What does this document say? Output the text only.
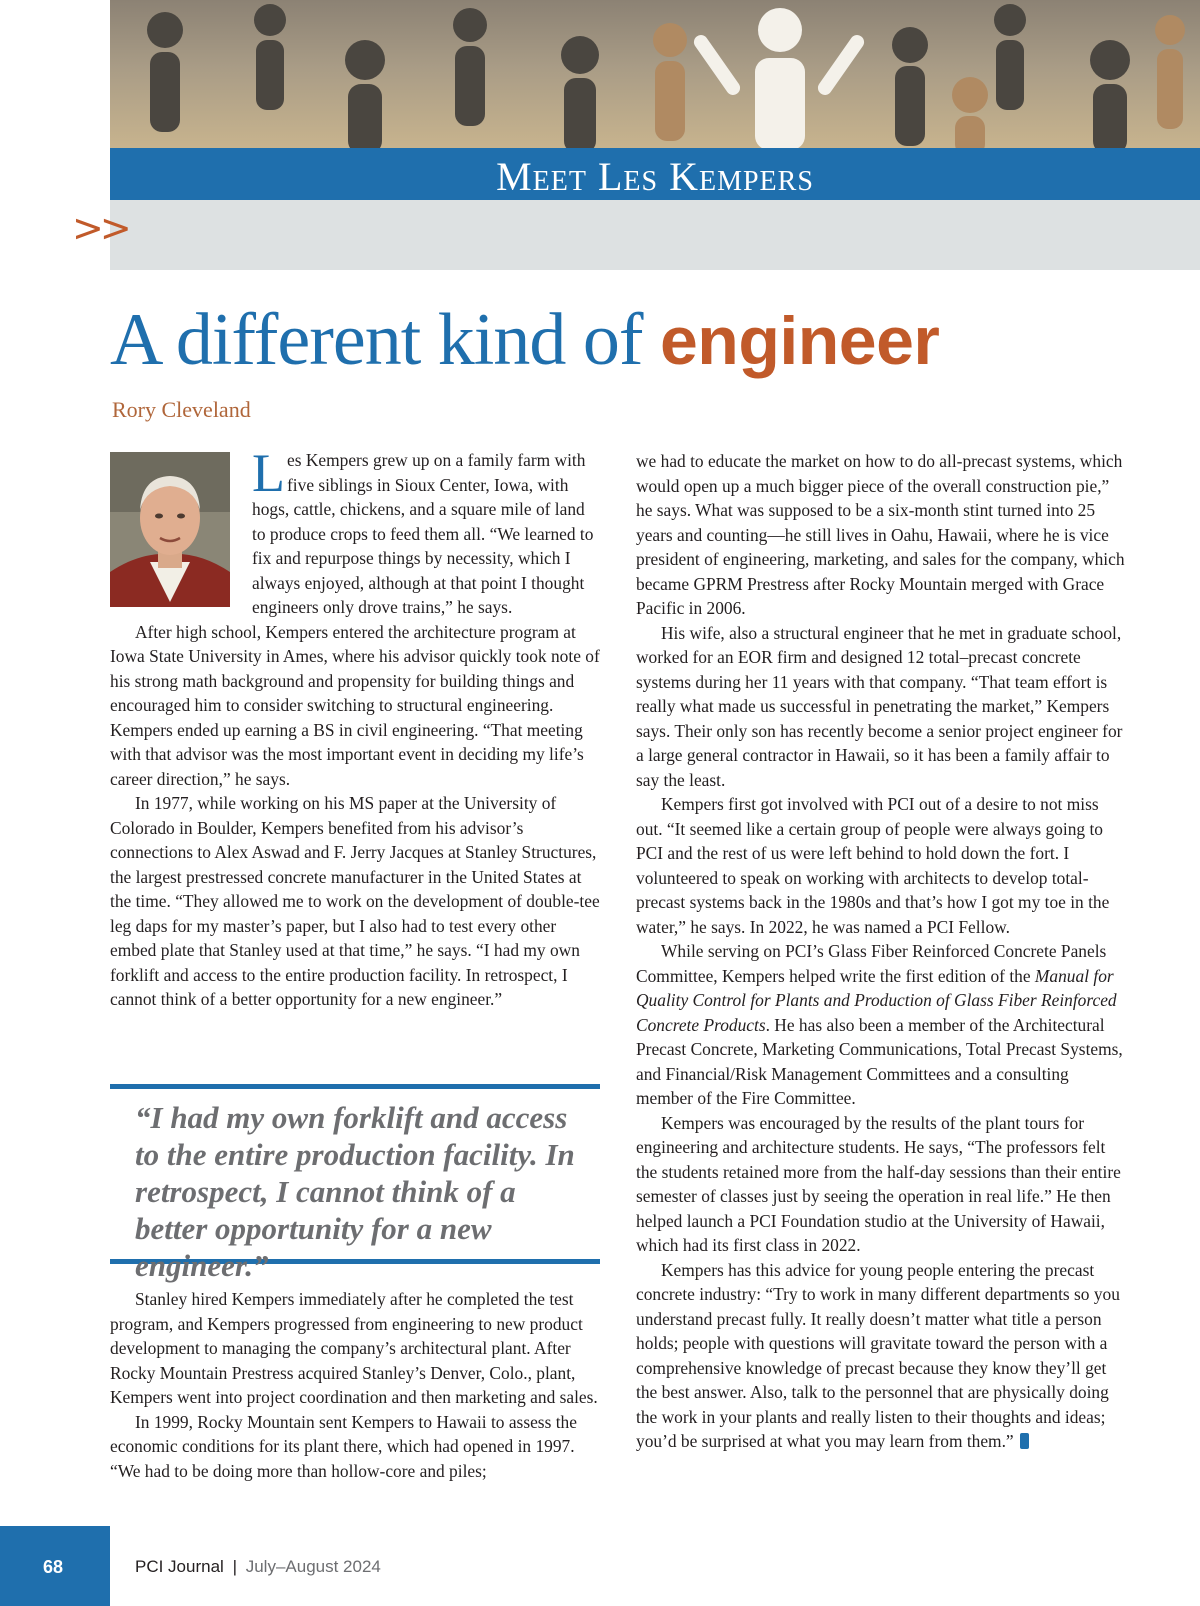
Meet Les Kempers
>>
A different kind of engineer
Rory Cleveland

Les Kempers grew up on a family farm with five siblings in Sioux Center, Iowa, with hogs, cattle, chickens, and a square mile of land to produce crops to feed them all. “We learned to fix and repurpose things by necessity, which I always enjoyed, although at that point I thought engineers only drove trains,” he says.

After high school, Kempers entered the architecture program at Iowa State University in Ames, where his advisor quickly took note of his strong math background and propensity for building things and encouraged him to consider switching to structural engineering. Kempers ended up earning a BS in civil engineering. “That meeting with that advisor was the most important event in deciding my life’s career direction,” he says.

In 1977, while working on his MS paper at the University of Colorado in Boulder, Kempers benefited from his advisor’s connections to Alex Aswad and F. Jerry Jacques at Stanley Structures, the largest prestressed concrete manufacturer in the United States at the time. “They allowed me to work on the development of double-tee leg daps for my master’s paper, but I also had to test every other embed plate that Stanley used at that time,” he says. “I had my own forklift and access to the entire production facility. In retrospect, I cannot think of a better opportunity for a new engineer.”

“I had my own forklift and access to the entire production facility. In retrospect, I cannot think of a better opportunity for a new engineer.”

Stanley hired Kempers immediately after he completed the test program, and Kempers progressed from engineering to new product development to managing the company’s architectural plant. After Rocky Mountain Prestress acquired Stanley’s Denver, Colo., plant, Kempers went into project coordination and then marketing and sales.

In 1999, Rocky Mountain sent Kempers to Hawaii to assess the economic conditions for its plant there, which had opened in 1997. “We had to be doing more than hollow-core and piles;

we had to educate the market on how to do all-precast systems, which would open up a much bigger piece of the overall construction pie,” he says. What was supposed to be a six-month stint turned into 25 years and counting—he still lives in Oahu, Hawaii, where he is vice president of engineering, marketing, and sales for the company, which became GPRM Prestress after Rocky Mountain merged with Grace Pacific in 2006.

His wife, also a structural engineer that he met in graduate school, worked for an EOR firm and designed 12 total–precast concrete systems during her 11 years with that company. “That team effort is really what made us successful in penetrating the market,” Kempers says. Their only son has recently become a senior project engineer for a large general contractor in Hawaii, so it has been a family affair to say the least.

Kempers first got involved with PCI out of a desire to not miss out. “It seemed like a certain group of people were always going to PCI and the rest of us were left behind to hold down the fort. I volunteered to speak on working with architects to develop total-precast systems back in the 1980s and that’s how I got my toe in the water,” he says. In 2022, he was named a PCI Fellow.

While serving on PCI’s Glass Fiber Reinforced Concrete Panels Committee, Kempers helped write the first edition of the Manual for Quality Control for Plants and Production of Glass Fiber Reinforced Concrete Products. He has also been a member of the Architectural Precast Concrete, Marketing Communications, Total Precast Systems, and Financial/Risk Management Committees and a consulting member of the Fire Committee.

Kempers was encouraged by the results of the plant tours for engineering and architecture students. He says, “The professors felt the students retained more from the half-day sessions than their entire semester of classes just by seeing the operation in real life.” He then helped launch a PCI Foundation studio at the University of Hawaii, which had its first class in 2022.

Kempers has this advice for young people entering the precast concrete industry: “Try to work in many different departments so you understand precast fully. It really doesn’t matter what title a person holds; people with questions will gravitate toward the person with a comprehensive knowledge of precast because they know they’ll get the best answer. Also, talk to the personnel that are physically doing the work in your plants and really listen to their thoughts and ideas; you’d be surprised at what you may learn from them.”

68	PCI Journal | July–August 2024
